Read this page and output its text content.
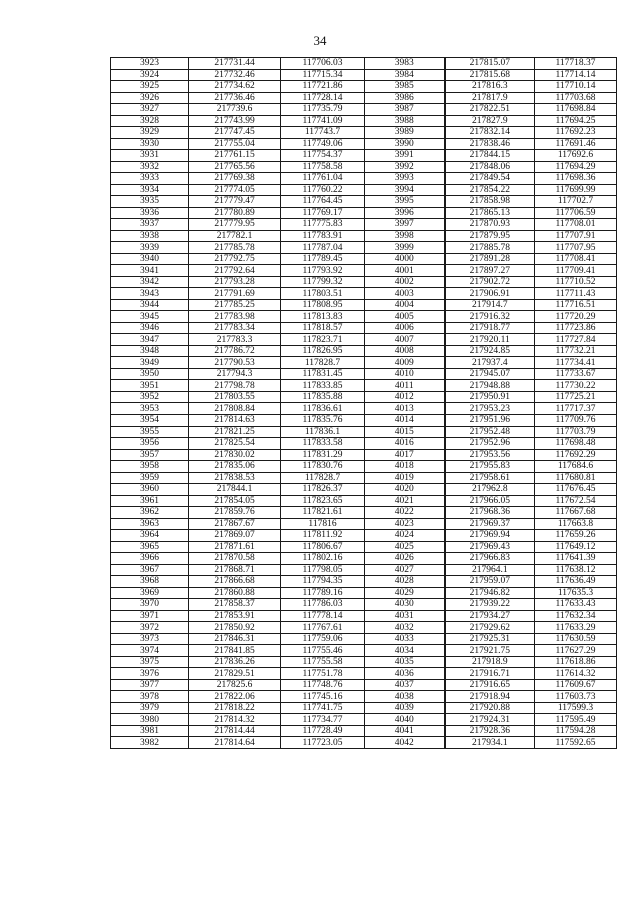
34
3923	217731.44	117706.03	3983	217815.07	117718.37
3924	217732.46	117715.34	3984	217815.68	117714.14
3925	217734.62	117721.86	3985	217816.3	117710.14
3926	217736.46	117728.14	3986	217817.9	117703.68
3927	217739.6	117735.79	3987	217822.51	117698.84
3928	217743.99	117741.09	3988	217827.9	117694.25
3929	217747.45	117743.7	3989	217832.14	117692.23
3930	217755.04	117749.06	3990	217838.46	117691.46
3931	217761.15	117754.37	3991	217844.15	117692.6
3932	217765.56	117758.58	3992	217848.06	117694.29
3933	217769.38	117761.04	3993	217849.54	117698.36
3934	217774.05	117760.22	3994	217854.22	117699.99
3935	217779.47	117764.45	3995	217858.98	117702.7
3936	217780.89	117769.17	3996	217865.13	117706.59
3937	217779.95	117775.83	3997	217870.93	117708.01
3938	217782.1	117783.91	3998	217879.95	117707.91
3939	217785.78	117787.04	3999	217885.78	117707.95
3940	217792.75	117789.45	4000	217891.28	117708.41
3941	217792.64	117793.92	4001	217897.27	117709.41
3942	217793.28	117799.32	4002	217902.72	117710.52
3943	217791.69	117803.51	4003	217906.91	117711.43
3944	217785.25	117808.95	4004	217914.7	117716.51
3945	217783.98	117813.83	4005	217916.32	117720.29
3946	217783.34	117818.57	4006	217918.77	117723.86
3947	217783.3	117823.71	4007	217920.11	117727.84
3948	217786.72	117826.95	4008	217924.85	117732.21
3949	217790.53	117828.7	4009	217937.4	117734.41
3950	217794.3	117831.45	4010	217945.07	117733.67
3951	217798.78	117833.85	4011	217948.88	117730.22
3952	217803.55	117835.88	4012	217950.91	117725.21
3953	217808.84	117836.61	4013	217953.23	117717.37
3954	217814.63	117835.76	4014	217951.96	117709.76
3955	217821.25	117836.1	4015	217952.48	117703.79
3956	217825.54	117833.58	4016	217952.96	117698.48
3957	217830.02	117831.29	4017	217953.56	117692.29
3958	217835.06	117830.76	4018	217955.83	117684.6
3959	217838.53	117828.7	4019	217958.61	117680.81
3960	217844.1	117826.37	4020	217962.8	117676.45
3961	217854.05	117823.65	4021	217966.05	117672.54
3962	217859.76	117821.61	4022	217968.36	117667.68
3963	217867.67	117816	4023	217969.37	117663.8
3964	217869.07	117811.92	4024	217969.94	117659.26
3965	217871.61	117806.67	4025	217969.43	117649.12
3966	217870.58	117802.16	4026	217966.83	117641.39
3967	217868.71	117798.05	4027	217964.1	117638.12
3968	217866.68	117794.35	4028	217959.07	117636.49
3969	217860.88	117789.16	4029	217946.82	117635.3
3970	217858.37	117786.03	4030	217939.22	117633.43
3971	217853.91	117778.14	4031	217934.27	117632.34
3972	217850.92	117767.61	4032	217929.62	117633.29
3973	217846.31	117759.06	4033	217925.31	117630.59
3974	217841.85	117755.46	4034	217921.75	117627.29
3975	217836.26	117755.58	4035	217918.9	117618.86
3976	217829.51	117751.78	4036	217916.71	117614.32
3977	217825.6	117748.76	4037	217916.65	117609.67
3978	217822.06	117745.16	4038	217918.94	117603.73
3979	217818.22	117741.75	4039	217920.88	117599.3
3980	217814.32	117734.77	4040	217924.31	117595.49
3981	217814.44	117728.49	4041	217928.36	117594.28
3982	217814.64	117723.05	4042	217934.1	117592.65
